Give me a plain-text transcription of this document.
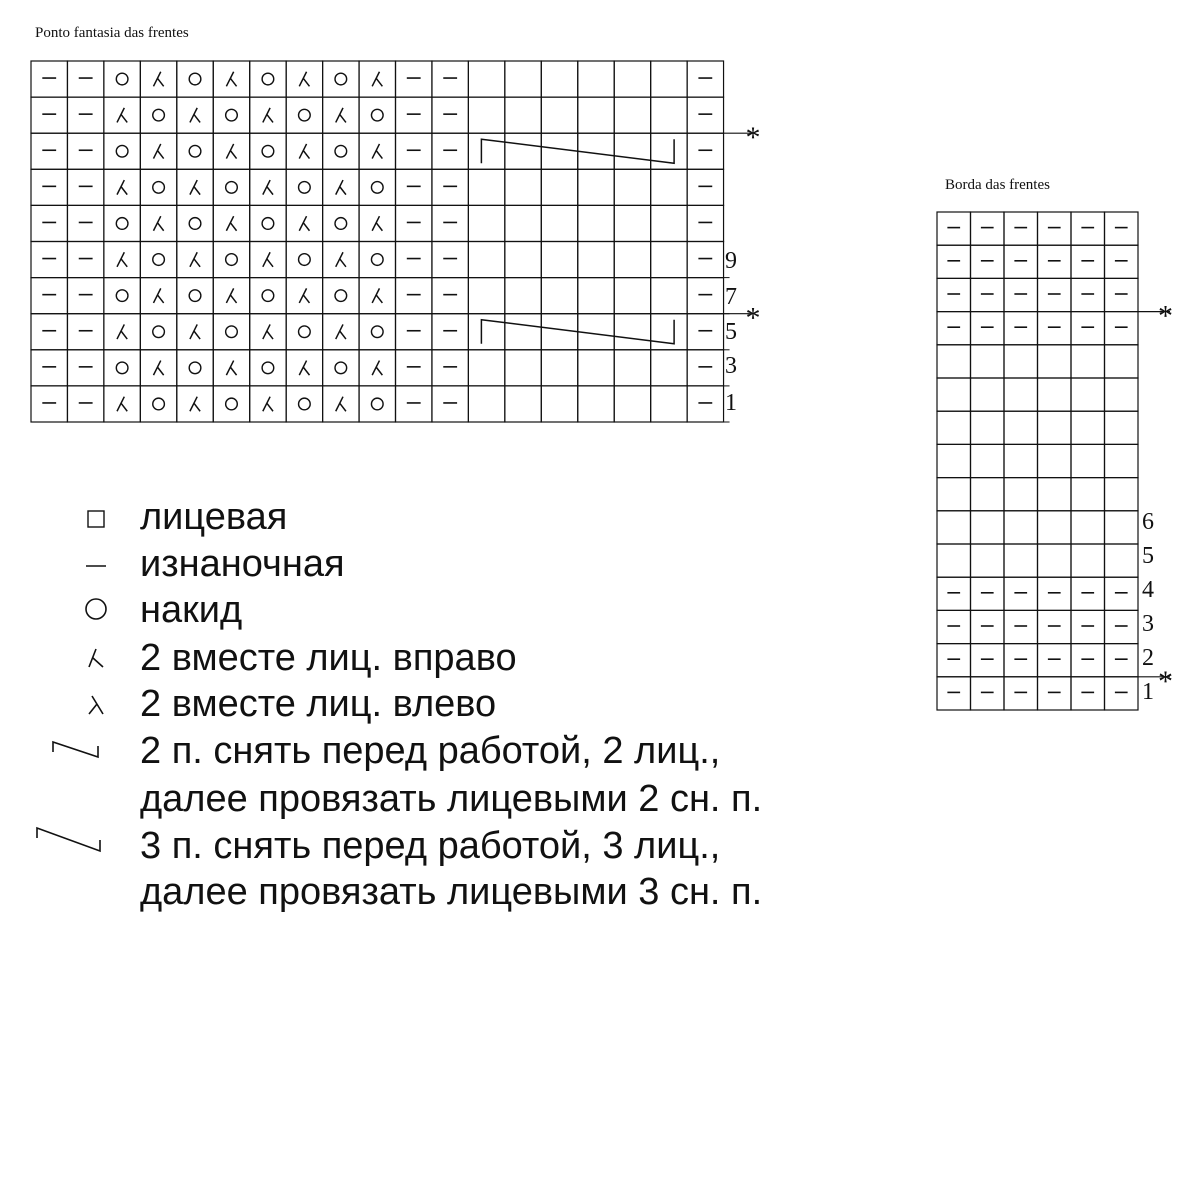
*
*	*
*
Ponto fantasia das frentes
Borda das frentes
9
7
5
3
1
6
5
4
3
2
1
лицевая
изнаночная
накид
2 вместе лиц. вправо
2 вместе лиц. влево
2 п. снять перед работой, 2 лиц.,
далее провязать лицевыми 2 сн. п.
3 п. снять перед работой, 3 лиц.,
далее провязать лицевыми 3 сн. п.
